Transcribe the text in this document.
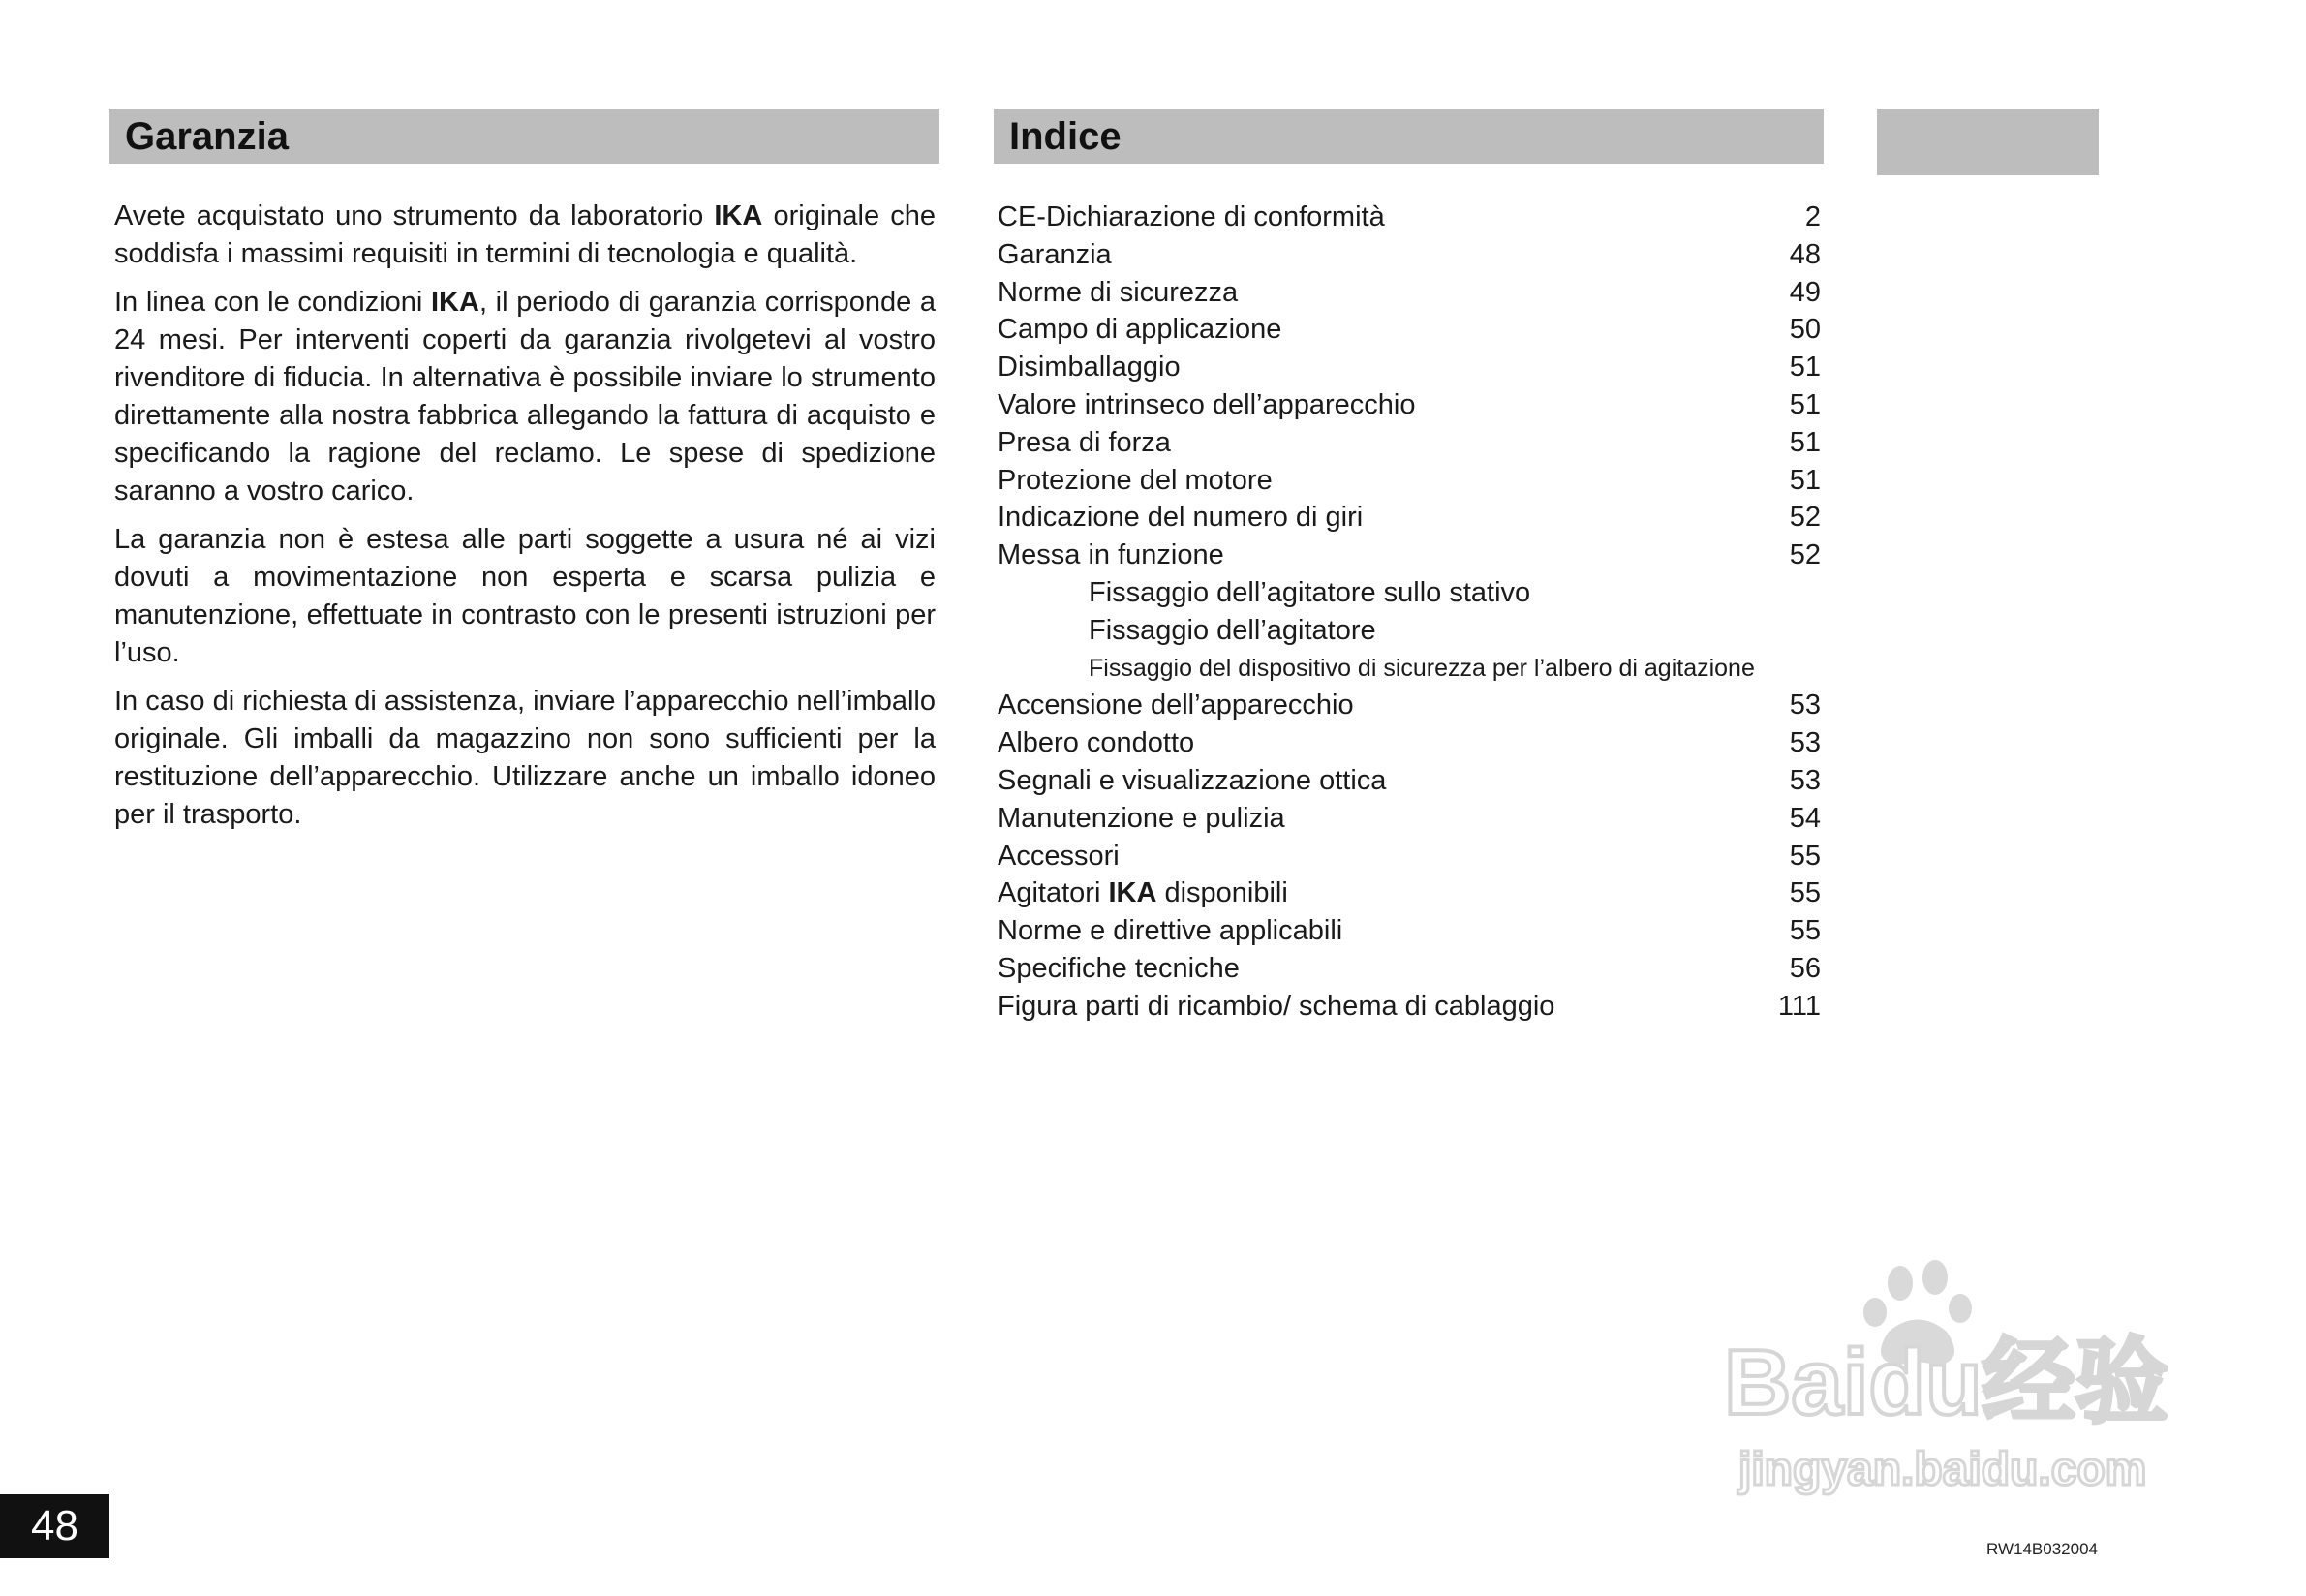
Garanzia	Indice

Avete acquistato uno strumento da laboratorio IKA originale che soddisfa i massimi requisiti in termini di tecnologia e qualità.

In linea con le condizioni IKA, il periodo di garanzia corrisponde a 24 mesi. Per interventi coperti da garanzia rivolgetevi al vostro rivenditore di fiducia. In alternativa è possibile inviare lo strumento direttamente alla nostra fabbrica allegando la fattura di acquisto e specificando la ragione del reclamo. Le spese di spedizione saranno a vostro carico.

La garanzia non è estesa alle parti soggette a usura né ai vizi dovuti a movimentazione non esperta e scarsa pulizia e manutenzione, effettuate in contrasto con le presenti istruzioni per l’uso.

In caso di richiesta di assistenza, inviare l’apparecchio nell’imballo originale. Gli imballi da magazzino non sono sufficienti per la restituzione dell’apparecchio. Utilizzare anche un imballo idoneo per il trasporto.

CE-Dichiarazione di conformità	2
Garanzia	48
Norme di sicurezza	49
Campo di applicazione	50
Disimballaggio	51
Valore intrinseco dell’apparecchio	51
Presa di forza	51
Protezione del motore	51
Indicazione del numero di giri	52
Messa in funzione	52
Fissaggio dell’agitatore sullo stativo
Fissaggio dell’agitatore
Fissaggio del dispositivo di sicurezza per l’albero di agitazione
Accensione dell’apparecchio	53
Albero condotto	53
Segnali e visualizzazione ottica	53
Manutenzione e pulizia	54
Accessori	55
Agitatori IKA disponibili	55
Norme e direttive applicabili	55
Specifiche tecniche	56
Figura parti di ricambio/ schema di cablaggio	111
Baidu经验
jingyan.baidu.com
48	RW14B032004
